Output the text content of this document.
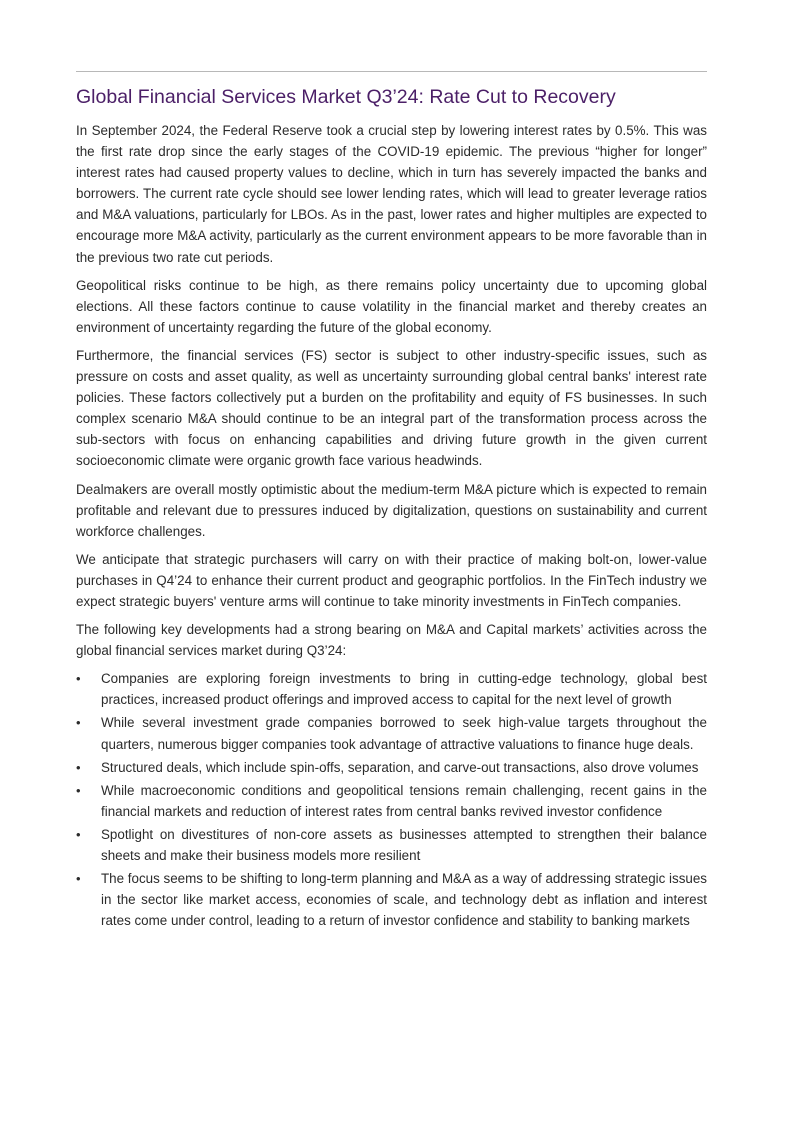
Global Financial Services Market Q3’24: Rate Cut to Recovery

In September 2024, the Federal Reserve took a crucial step by lowering interest rates by 0.5%. This was the first rate drop since the early stages of the COVID-19 epidemic. The previous “higher for longer” interest rates had caused property values to decline, which in turn has severely impacted the banks and borrowers. The current rate cycle should see lower lending rates, which will lead to greater leverage ratios and M&A valuations, particularly for LBOs. As in the past, lower rates and higher multiples are expected to encourage more M&A activity, particularly as the current environment appears to be more favorable than in the previous two rate cut periods.

Geopolitical risks continue to be high, as there remains policy uncertainty due to upcoming global elections. All these factors continue to cause volatility in the financial market and thereby creates an environment of uncertainty regarding the future of the global economy.

Furthermore, the financial services (FS) sector is subject to other industry-specific issues, such as pressure on costs and asset quality, as well as uncertainty surrounding global central banks' interest rate policies. These factors collectively put a burden on the profitability and equity of FS businesses. In such complex scenario M&A should continue to be an integral part of the transformation process across the sub-sectors with focus on enhancing capabilities and driving future growth in the given current socioeconomic climate were organic growth face various headwinds.

Dealmakers are overall mostly optimistic about the medium-term M&A picture which is expected to remain profitable and relevant due to pressures induced by digitalization, questions on sustainability and current workforce challenges.

We anticipate that strategic purchasers will carry on with their practice of making bolt-on, lower-value purchases in Q4’24 to enhance their current product and geographic portfolios. In the FinTech industry we expect strategic buyers' venture arms will continue to take minority investments in FinTech companies.

The following key developments had a strong bearing on M&A and Capital markets’ activities across the global financial services market during Q3’24:

•	Companies are exploring foreign investments to bring in cutting-edge technology, global best practices, increased product offerings and improved access to capital for the next level of growth
•	While several investment grade companies borrowed to seek high-value targets throughout the quarters, numerous bigger companies took advantage of attractive valuations to finance huge deals.
•	Structured deals, which include spin-offs, separation, and carve-out transactions, also drove volumes
•	While macroeconomic conditions and geopolitical tensions remain challenging, recent gains in the financial markets and reduction of interest rates from central banks revived investor confidence
•	Spotlight on divestitures of non-core assets as businesses attempted to strengthen their balance sheets and make their business models more resilient
•	The focus seems to be shifting to long-term planning and M&A as a way of addressing strategic issues in the sector like market access, economies of scale, and technology debt as inflation and interest rates come under control, leading to a return of investor confidence and stability to banking markets
